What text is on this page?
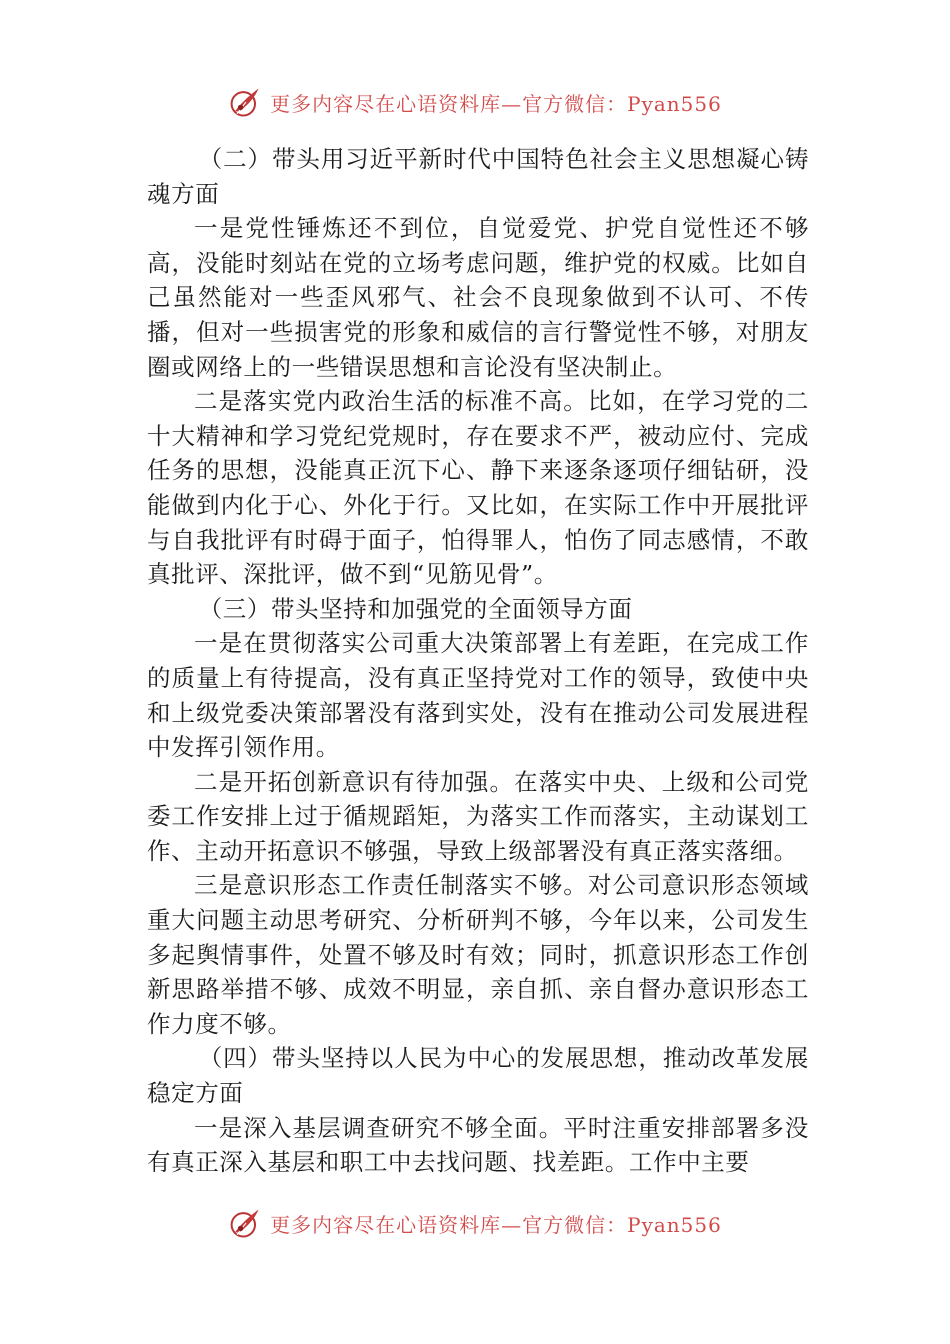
更多内容尽在心语资料库—官方微信：Pyan556

（二）带头用习近平新时代中国特色社会主义思想凝心铸魂方面

一是党性锤炼还不到位，自觉爱党、护党自觉性还不够高，没能时刻站在党的立场考虑问题，维护党的权威。比如自己虽然能对一些歪风邪气、社会不良现象做到不认可、不传播，但对一些损害党的形象和威信的言行警觉性不够，对朋友圈或网络上的一些错误思想和言论没有坚决制止。

二是落实党内政治生活的标准不高。比如，在学习党的二十大精神和学习党纪党规时，存在要求不严，被动应付、完成任务的思想，没能真正沉下心、静下来逐条逐项仔细钻研，没能做到内化于心、外化于行。又比如，在实际工作中开展批评与自我批评有时碍于面子，怕得罪人，怕伤了同志感情，不敢真批评、深批评，做不到“见筋见骨”。

（三）带头坚持和加强党的全面领导方面

一是在贯彻落实公司重大决策部署上有差距，在完成工作的质量上有待提高，没有真正坚持党对工作的领导，致使中央和上级党委决策部署没有落到实处，没有在推动公司发展进程中发挥引领作用。

二是开拓创新意识有待加强。在落实中央、上级和公司党委工作安排上过于循规蹈矩，为落实工作而落实，主动谋划工作、主动开拓意识不够强，导致上级部署没有真正落实落细。

三是意识形态工作责任制落实不够。对公司意识形态领域重大问题主动思考研究、分析研判不够，今年以来，公司发生多起舆情事件，处置不够及时有效；同时，抓意识形态工作创新思路举措不够、成效不明显，亲自抓、亲自督办意识形态工作力度不够。

（四）带头坚持以人民为中心的发展思想，推动改革发展稳定方面

一是深入基层调查研究不够全面。平时注重安排部署多没有真正深入基层和职工中去找问题、找差距。工作中主要

更多内容尽在心语资料库—官方微信：Pyan556
